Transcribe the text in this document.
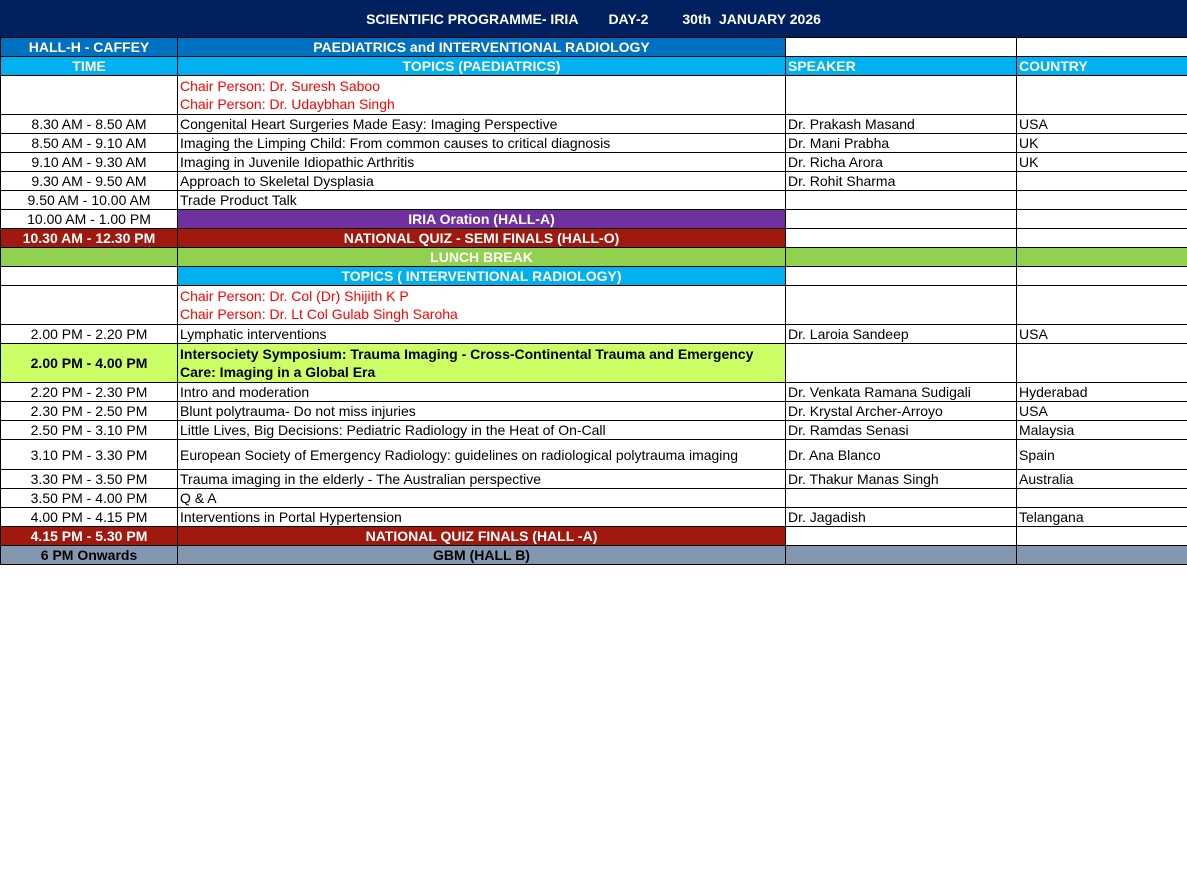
SCIENTIFIC PROGRAMME- IRIA DAY-2 30th  JANUARY 2026
HALL-H - CAFFEY	PAEDIATRICS and INTERVENTIONAL RADIOLOGY		
TIME	TOPICS (PAEDIATRICS)	SPEAKER	COUNTRY

	Chair Person: Dr. Suresh Saboo
Chair Person: Dr. Udaybhan Singh		

8.30 AM - 8.50 AM	Congenital Heart Surgeries Made Easy: Imaging Perspective	Dr. Prakash Masand	USA
8.50 AM - 9.10 AM	Imaging the Limping Child: From common causes to critical diagnosis	Dr. Mani Prabha	UK
9.10 AM - 9.30 AM	Imaging in Juvenile Idiopathic Arthritis	Dr. Richa Arora	UK
9.30 AM - 9.50 AM	Approach to Skeletal Dysplasia	Dr. Rohit Sharma	
9.50 AM - 10.00 AM	Trade Product Talk		
10.00 AM - 1.00 PM	IRIA Oration (HALL-A)		
10.30 AM - 12.30 PM	NATIONAL QUIZ - SEMI FINALS (HALL-O)		
	LUNCH BREAK		
	TOPICS ( INTERVENTIONAL RADIOLOGY)		

	Chair Person: Dr. Col (Dr) Shijith K P
Chair Person: Dr. Lt Col Gulab Singh Saroha		

2.00 PM - 2.20 PM	Lymphatic interventions	Dr. Laroia Sandeep	USA
2.00 PM - 4.00 PM	Intersociety Symposium: Trauma Imaging - Cross-Continental Trauma and Emergency
Care: Imaging in a Global Era		

2.20 PM - 2.30 PM	Intro and moderation	Dr. Venkata Ramana Sudigali	Hyderabad
2.30 PM - 2.50 PM	Blunt polytrauma- Do not miss injuries	Dr. Krystal Archer-Arroyo	USA
2.50 PM - 3.10 PM	Little Lives, Big Decisions: Pediatric Radiology in the Heat of On-Call	Dr. Ramdas Senasi	Malaysia
3.10 PM - 3.30 PM	European Society of Emergency Radiology: guidelines on radiological polytrauma imaging	Dr. Ana Blanco	Spain
3.30 PM - 3.50 PM	Trauma imaging in the elderly - The Australian perspective	Dr. Thakur Manas Singh	Australia
3.50 PM - 4.00 PM	Q & A		
4.00 PM - 4.15 PM	Interventions in Portal Hypertension	Dr. Jagadish	Telangana
4.15 PM - 5.30 PM	NATIONAL QUIZ FINALS (HALL -A)		
6 PM Onwards	GBM (HALL B)		
